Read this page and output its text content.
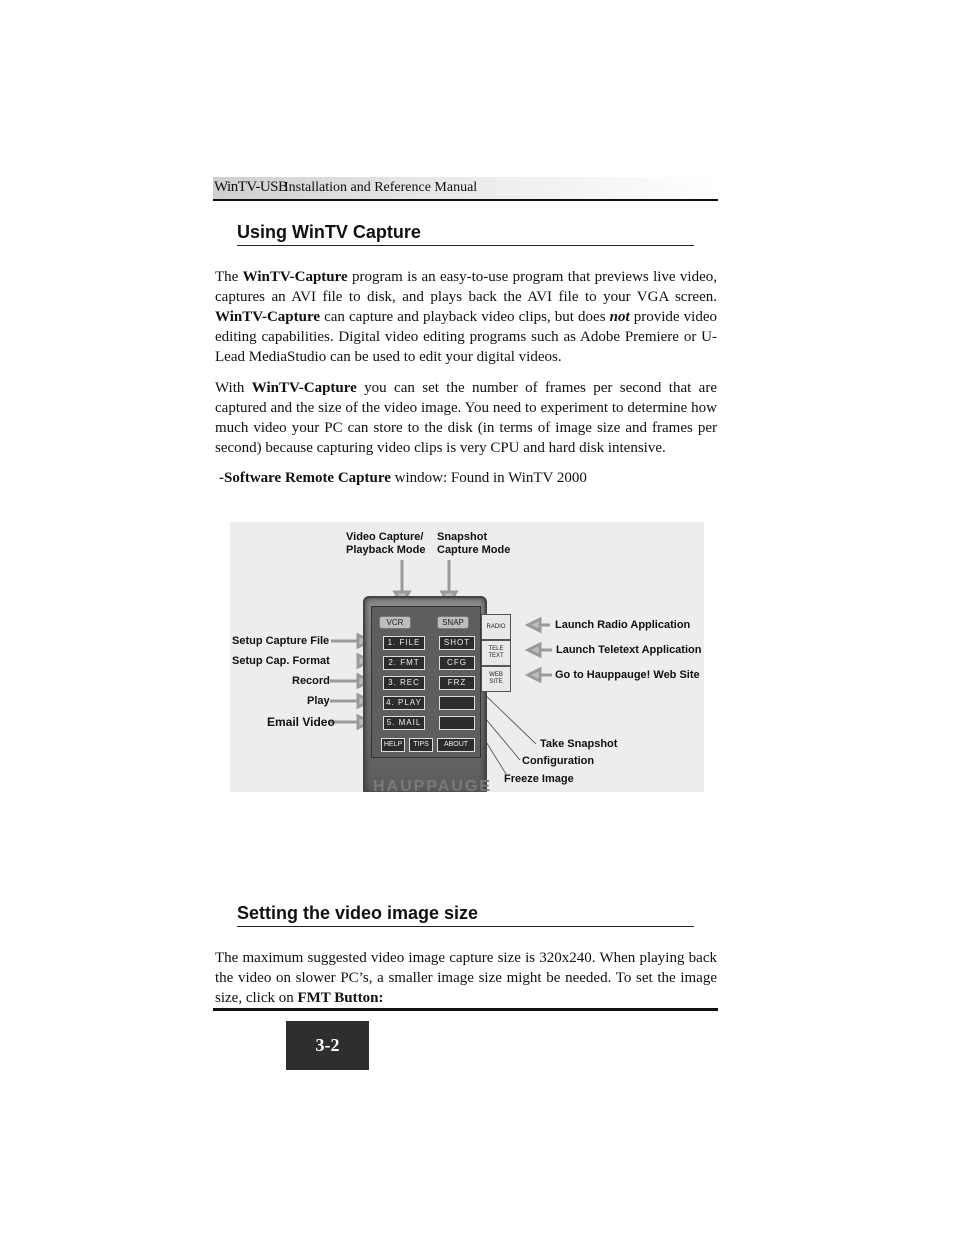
WinTV-USB
Installation and Reference Manual
Using WinTV Capture
The WinTV-Capture program is an easy-to-use program that previews live video, captures an AVI file to disk, and plays back the AVI file to your VGA screen. WinTV-Capture can capture and playback video clips, but does not provide video editing capabilities. Digital video editing programs such as Adobe Premiere or U-Lead MediaStudio can be used to edit your digital videos.
With WinTV-Capture you can set the number of frames per second that are captured and the size of the video image. You need to experiment to determine how much video your PC can store to the disk (in terms of image size and frames per second) because capturing video clips is very CPU and hard disk intensive.
-Software Remote Capture window: Found in WinTV 2000
Video Capture/
Playback Mode
Snapshot
Capture Mode
Setup Capture File
Setup Cap. Format
Record
Play
Email Video
Launch Radio Application
Launch Teletext Application
Go to Hauppauge! Web Site
Take Snapshot
Configuration
Freeze Image
VCR	SNAP
1. FILE
2. FMT
3. REC
4. PLAY
5. MAIL
SHOT
CFG
FRZ
RADIO
TELE TEXT
WEB SITE
HELP	TIPS	ABOUT
HAUPPAUGE
Setting the video image size
The maximum suggested video image capture size is 320x240. When playing back the video on slower PC’s, a smaller image size might be needed. To set the image size, click on FMT Button:
3-2
